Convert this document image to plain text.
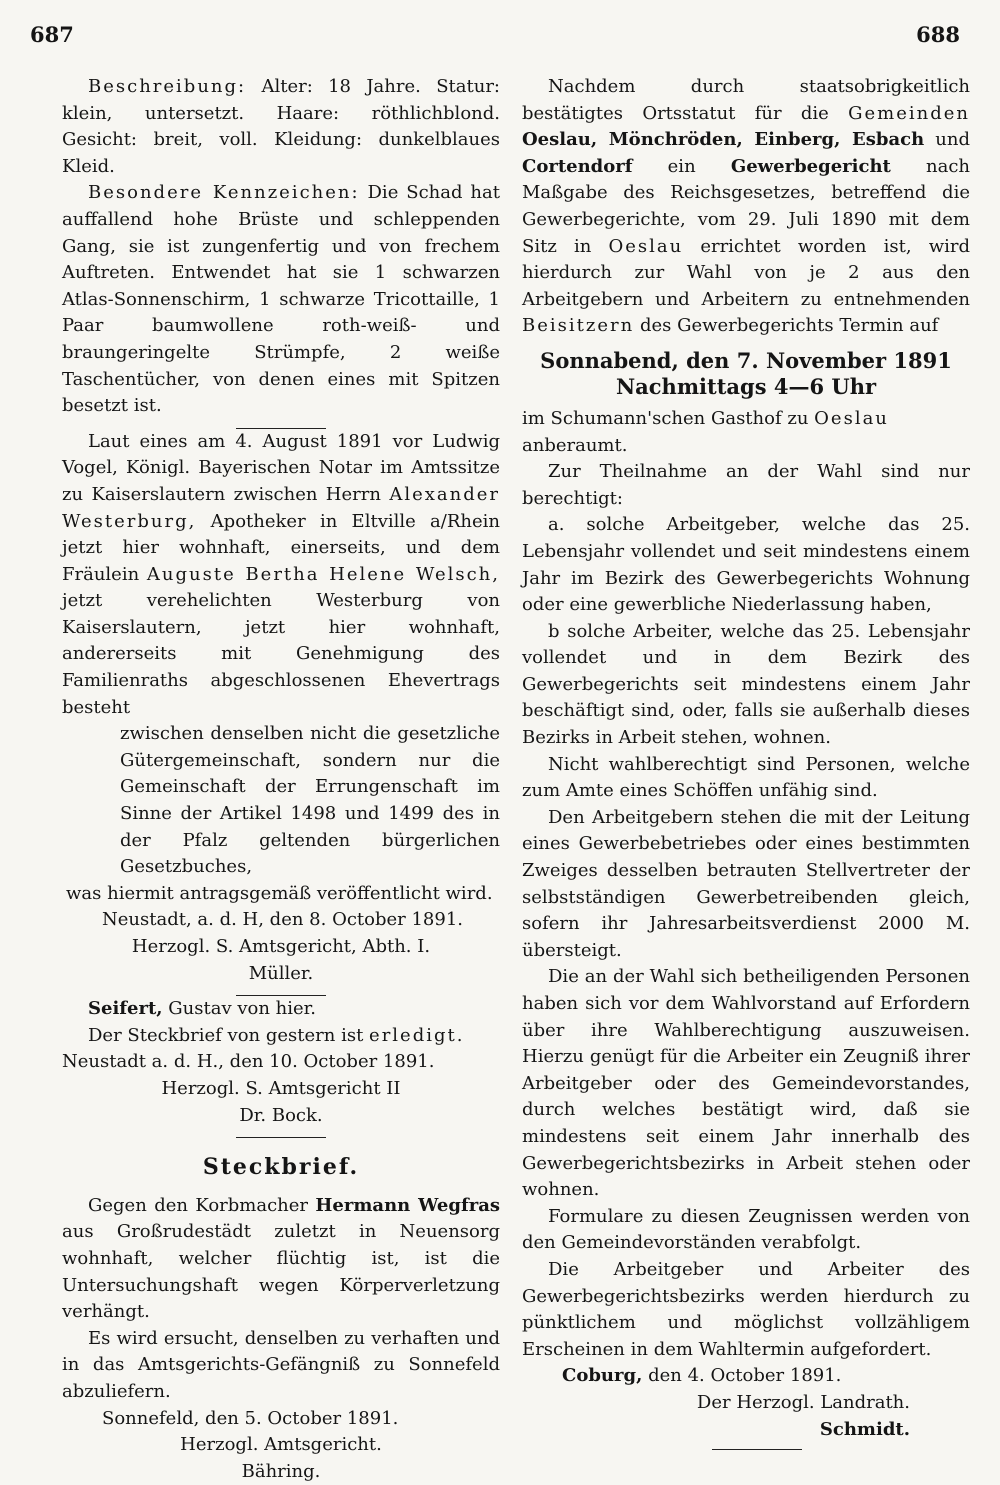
687	688

Beschreibung: Alter: 18 Jahre. Statur: klein, untersetzt. Haare: röthlichblond. Gesicht: breit, voll. Kleidung: dunkelblaues Kleid.

Besondere Kennzeichen: Die Schad hat auffallend hohe Brüste und schleppenden Gang, sie ist zungenfertig und von frechem Auftreten. Entwendet hat sie 1 schwarzen Atlas-Sonnenschirm, 1 schwarze Tricottaille, 1 Paar baumwollene roth-weiß- und braungeringelte Strümpfe, 2 weiße Taschentücher, von denen eines mit Spitzen besetzt ist.

Laut eines am 4. August 1891 vor Ludwig Vogel, Königl. Bayerischen Notar im Amtssitze zu Kaiserslautern zwischen Herrn Alexander Westerburg, Apotheker in Eltville a/Rhein jetzt hier wohnhaft, einerseits, und dem Fräulein Auguste Bertha Helene Welsch, jetzt verehelichten Westerburg von Kaiserslautern, jetzt hier wohnhaft, andererseits mit Genehmigung des Familienraths abgeschlossenen Ehevertrags besteht

zwischen denselben nicht die gesetzliche Gütergemeinschaft, sondern nur die Gemeinschaft der Errungenschaft im Sinne der Artikel 1498 und 1499 des in der Pfalz geltenden bürgerlichen Gesetzbuches,

was hiermit antragsgemäß veröffentlicht wird.

Neustadt, a. d. H, den 8. October 1891.

Herzogl. S. Amtsgericht, Abth. I.

Müller.

Seifert, Gustav von hier.

Der Steckbrief von gestern ist erledigt.

Neustadt a. d. H., den 10. October 1891.

Herzogl. S. Amtsgericht II

Dr. Bock.

Steckbrief.

Gegen den Korbmacher Hermann Wegfras aus Großrudestädt zuletzt in Neuensorg wohnhaft, welcher flüchtig ist, ist die Untersuchungshaft wegen Körperverletzung verhängt.

Es wird ersucht, denselben zu verhaften und in das Amtsgerichts-Gefängniß zu Sonnefeld abzuliefern.

Sonnefeld, den 5. October 1891.

Herzogl. Amtsgericht.

Bähring.

Nachdem durch staatsobrigkeitlich bestätigtes Ortsstatut für die Gemeinden Oeslau, Mönchröden, Einberg, Esbach und Cortendorf ein Gewerbegericht nach Maßgabe des Reichsgesetzes, betreffend die Gewerbegerichte, vom 29. Juli 1890 mit dem Sitz in Oeslau errichtet worden ist, wird hierdurch zur Wahl von je 2 aus den Arbeitgebern und Arbeitern zu entnehmenden Beisitzern des Gewerbegerichts Termin auf

Sonnabend, den 7. November 1891
Nachmittags 4—6 Uhr

im Schumann'schen Gasthof zu Oeslau anberaumt.

Zur Theilnahme an der Wahl sind nur berechtigt:

a. solche Arbeitgeber, welche das 25. Lebensjahr vollendet und seit mindestens einem Jahr im Bezirk des Gewerbegerichts Wohnung oder eine gewerbliche Niederlassung haben,

b solche Arbeiter, welche das 25. Lebensjahr vollendet und in dem Bezirk des Gewerbegerichts seit mindestens einem Jahr beschäftigt sind, oder, falls sie außerhalb dieses Bezirks in Arbeit stehen, wohnen.

Nicht wahlberechtigt sind Personen, welche zum Amte eines Schöffen unfähig sind.

Den Arbeitgebern stehen die mit der Leitung eines Gewerbebetriebes oder eines bestimmten Zweiges desselben betrauten Stellvertreter der selbstständigen Gewerbetreibenden gleich, sofern ihr Jahresarbeitsverdienst 2000 M. übersteigt.

Die an der Wahl sich betheiligenden Personen haben sich vor dem Wahlvorstand auf Erfordern über ihre Wahlberechtigung auszuweisen. Hierzu genügt für die Arbeiter ein Zeugniß ihrer Arbeitgeber oder des Gemeindevorstandes, durch welches bestätigt wird, daß sie mindestens seit einem Jahr innerhalb des Gewerbegerichtsbezirks in Arbeit stehen oder wohnen.

Formulare zu diesen Zeugnissen werden von den Gemeindevorständen verabfolgt.

Die Arbeitgeber und Arbeiter des Gewerbegerichtsbezirks werden hierdurch zu pünktlichem und möglichst vollzähligem Erscheinen in dem Wahltermin aufgefordert.

Coburg, den 4. October 1891.

Der Herzogl. Landrath.

Schmidt.
